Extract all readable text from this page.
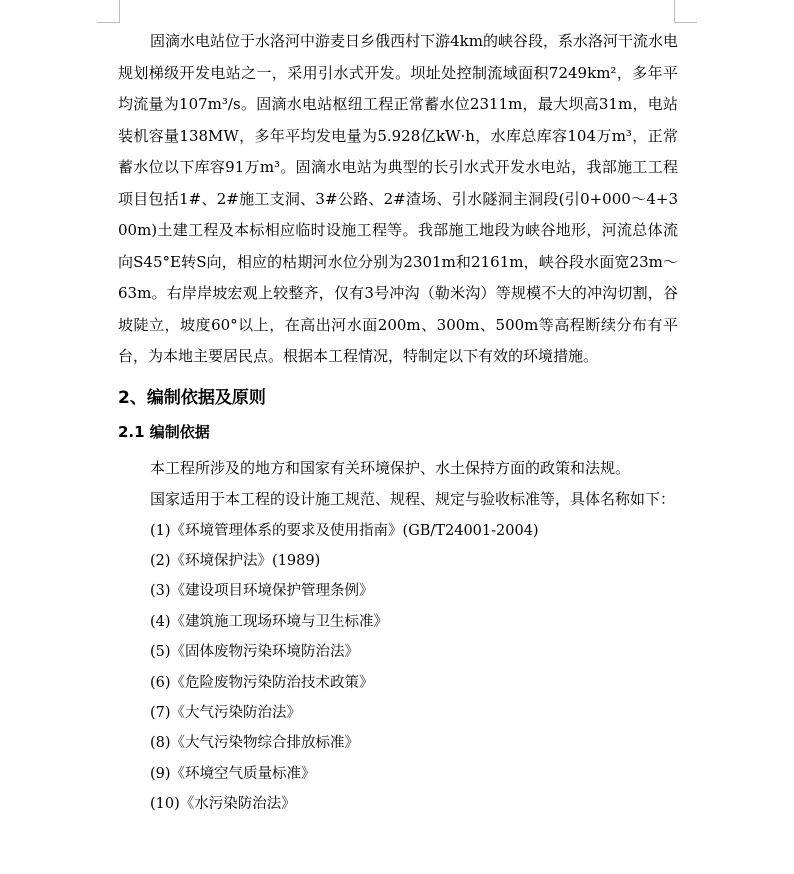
固滴水电站位于水洛河中游麦日乡俄西村下游4km的峡谷段，系水洛河干流水电规划梯级开发电站之一，采用引水式开发。坝址处控制流域面积7249km²，多年平均流量为107m³/s。固滴水电站枢纽工程正常蓄水位2311m，最大坝高31m，电站装机容量138MW，多年平均发电量为5.928亿kW·h，水库总库容104万m³，正常蓄水位以下库容91万m³。固滴水电站为典型的长引水式开发水电站，我部施工工程项目包括1#、2#施工支洞、3#公路、2#渣场、引水隧洞主洞段(引0+000～4+300m)土建工程及本标相应临时设施工程等。我部施工地段为峡谷地形，河流总体流向S45°E转S向，相应的枯期河水位分别为2301m和2161m，峡谷段水面宽23m～63m。右岸岸坡宏观上较整齐，仅有3号冲沟（勒米沟）等规模不大的冲沟切割，谷坡陡立，坡度60°以上，在高出河水面200m、300m、500m等高程断续分布有平台，为本地主要居民点。根据本工程情况，特制定以下有效的环境措施。

2、编制依据及原则
2.1 编制依据

本工程所涉及的地方和国家有关环境保护、水土保持方面的政策和法规。

国家适用于本工程的设计施工规范、规程、规定与验收标准等，具体名称如下：

(1)《环境管理体系的要求及使用指南》(GB/T24001-2004)
(2)《环境保护法》(1989)
(3)《建设项目环境保护管理条例》
(4)《建筑施工现场环境与卫生标准》
(5)《固体废物污染环境防治法》
(6)《危险废物污染防治技术政策》
(7)《大气污染防治法》
(8)《大气污染物综合排放标准》
(9)《环境空气质量标准》
(10)《水污染防治法》
